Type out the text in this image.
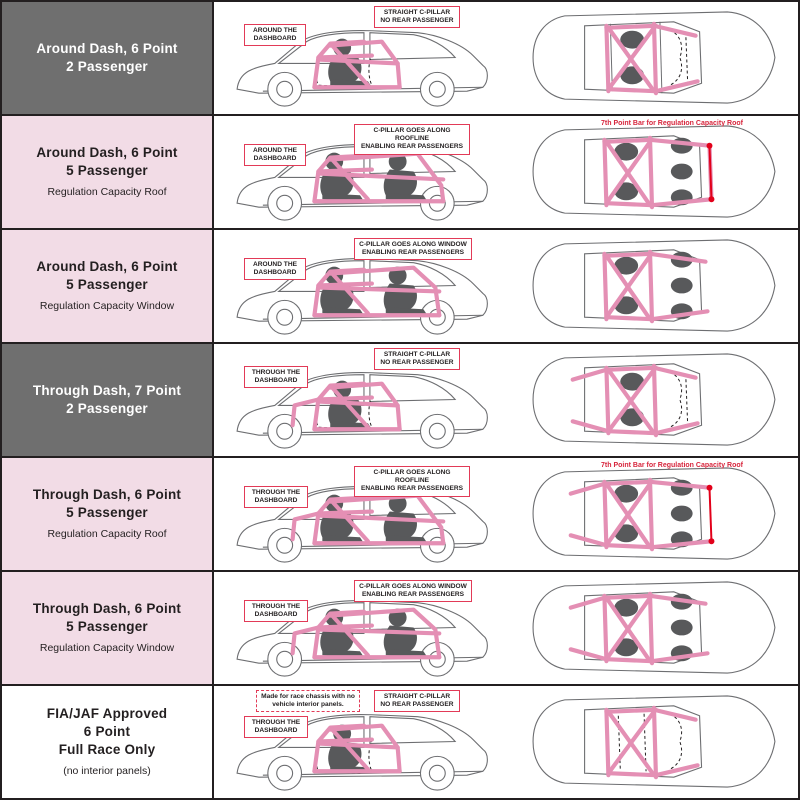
Around Dash, 6 Point
2 Passenger
AROUND THE
DASHBOARD
STRAIGHT C-PILLAR
NO REAR PASSENGER
Around Dash, 6 Point
5 Passenger
Regulation Capacity Roof
AROUND THE
DASHBOARD
C-PILLAR GOES ALONG ROOFLINE
ENABLING REAR PASSENGERS
7th Point Bar for Regulation Capacity Roof
Around Dash, 6 Point
5 Passenger
Regulation Capacity Window
AROUND THE
DASHBOARD
C-PILLAR GOES ALONG WINDOW
ENABLING REAR PASSENGERS
Through Dash, 7 Point
2 Passenger
THROUGH THE
DASHBOARD
STRAIGHT C-PILLAR
NO REAR PASSENGER
Through Dash, 6 Point
5 Passenger
Regulation Capacity Roof
THROUGH THE
DASHBOARD
C-PILLAR GOES ALONG ROOFLINE
ENABLING REAR PASSENGERS
7th Point Bar for Regulation Capacity Roof
Through Dash, 6 Point
5 Passenger
Regulation Capacity Window
THROUGH THE
DASHBOARD
C-PILLAR GOES ALONG WINDOW
ENABLING REAR PASSENGERS
FIA/JAF Approved
6 Point
Full Race Only
(no interior panels)
Made for race chassis with no
vehicle interior panels.
THROUGH THE
DASHBOARD
STRAIGHT C-PILLAR
NO REAR PASSENGER
